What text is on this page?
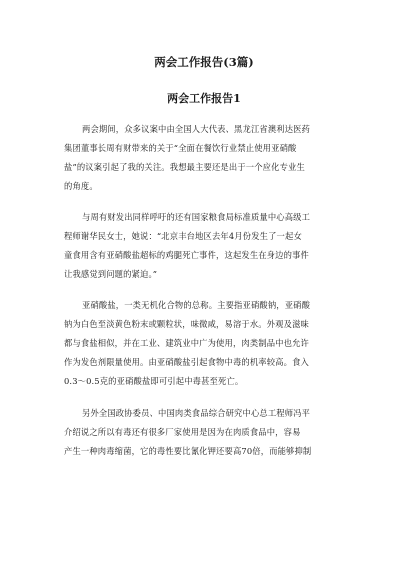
两会工作报告(3篇)
两会工作报告1
两会期间，众多议案中由全国人大代表、黑龙江省澳利达医药
集团董事长周有财带来的关于“全面在餐饮行业禁止使用亚硝酸
盐”的议案引起了我的关注。我想最主要还是出于一个应化专业生
的角度。
与周有财发出同样呼吁的还有国家粮食局标准质量中心高级工
程师谢华民女士，她说：“北京丰台地区去年4月份发生了一起女
童食用含有亚硝酸盐超标的鸡腿死亡事件，这起发生在身边的事件
让我感觉到问题的紧迫。”
亚硝酸盐，一类无机化合物的总称。主要指亚硝酸钠，亚硝酸
钠为白色至淡黄色粉末或颗粒状，味微咸，易溶于水。外观及滋味
都与食盐相似，并在工业、建筑业中广为使用，肉类制品中也允许
作为发色剂限量使用。由亚硝酸盐引起食物中毒的机率较高。食入
0.3～0.5克的亚硝酸盐即可引起中毒甚至死亡。
另外全国政协委员、中国肉类食品综合研究中心总工程师冯平
介绍说之所以有毒还有很多厂家使用是因为在肉质食品中，容易
产生一种肉毒缩菌，它的毒性要比氰化钾还要高70倍，而能够抑制
